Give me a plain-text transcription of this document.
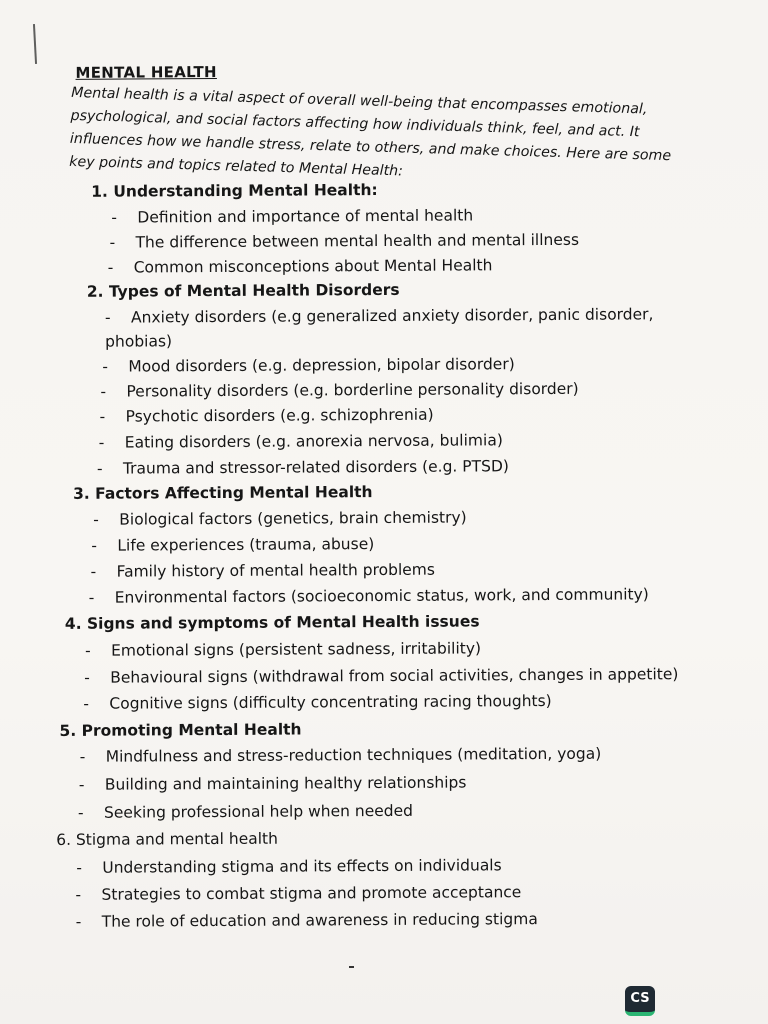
MENTAL HEALTH
Mental health is a vital aspect of overall well-being that encompasses emotional, psychological, and social factors affecting how individuals think, feel, and act. It influences how we handle stress, relate to others, and make choices. Here are some key points and topics related to Mental Health:
1. Understanding Mental Health:
- Definition and importance of mental health
- The difference between mental health and mental illness
- Common misconceptions about Mental Health
2. Types of Mental Health Disorders
- Anxiety disorders (e.g generalized anxiety disorder, panic disorder, phobias)
- Mood disorders (e.g. depression, bipolar disorder)
- Personality disorders (e.g. borderline personality disorder)
- Psychotic disorders (e.g. schizophrenia)
- Eating disorders (e.g. anorexia nervosa, bulimia)
- Trauma and stressor-related disorders (e.g. PTSD)
3. Factors Affecting Mental Health
- Biological factors (genetics, brain chemistry)
- Life experiences (trauma, abuse)
- Family history of mental health problems
- Environmental factors (socioeconomic status, work, and community)
4. Signs and symptoms of Mental Health issues
- Emotional signs (persistent sadness, irritability)
- Behavioural signs (withdrawal from social activities, changes in appetite)
- Cognitive signs (difficulty concentrating racing thoughts)
5. Promoting Mental Health
- Mindfulness and stress-reduction techniques (meditation, yoga)
- Building and maintaining healthy relationships
- Seeking professional help when needed
6. Stigma and mental health
- Understanding stigma and its effects on individuals
- Strategies to combat stigma and promote acceptance
- The role of education and awareness in reducing stigma
CS
